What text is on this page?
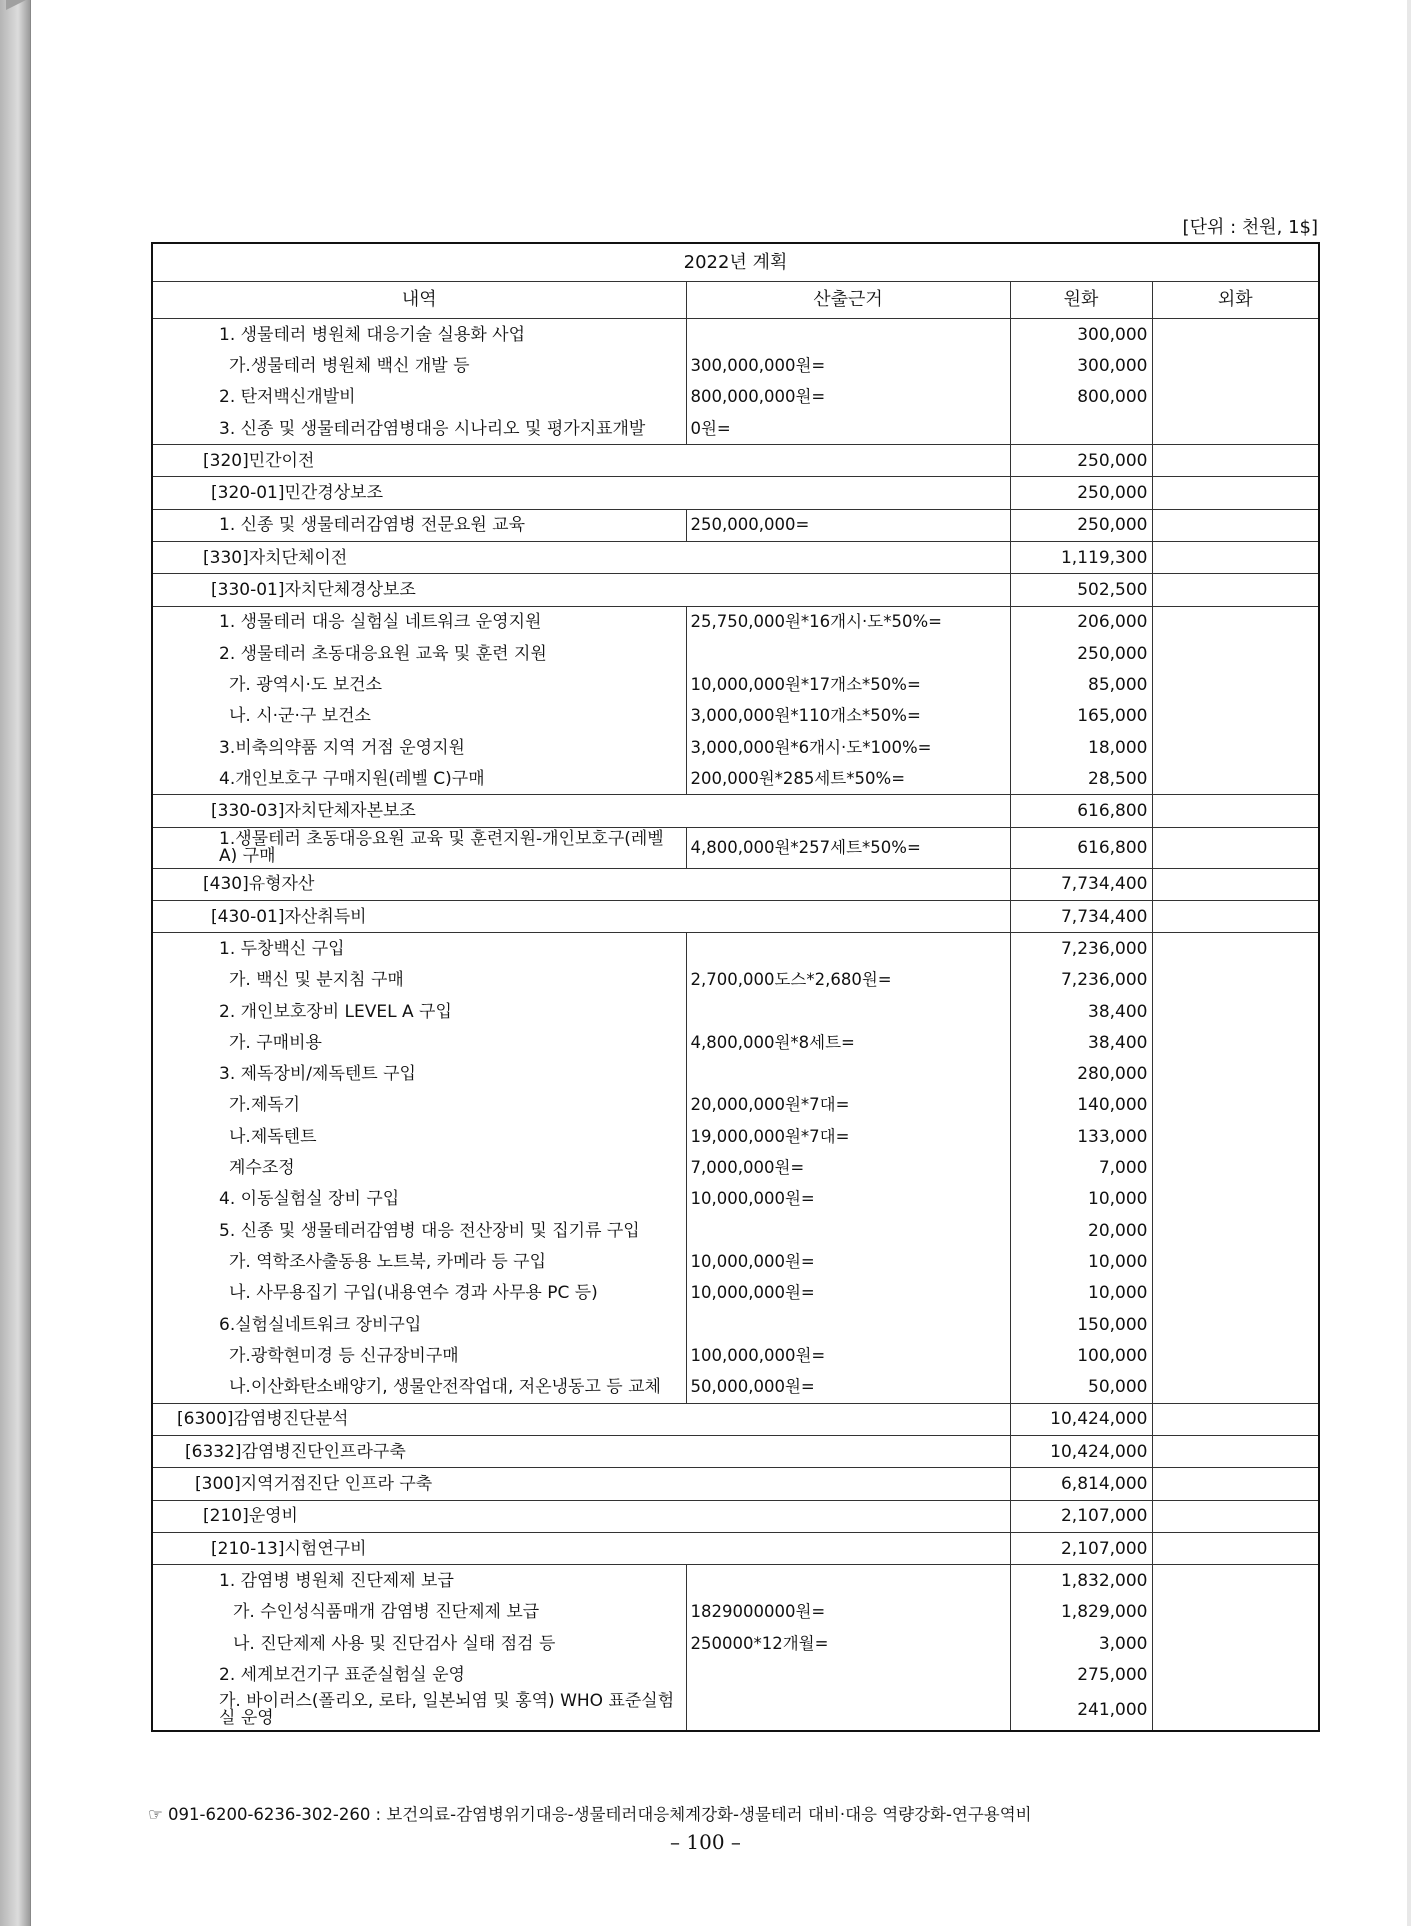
[단위 : 천원, 1$]
2022년 계획			
내역	산출근거	원화	외화
1. 생물테러 병원체 대응기술 실용화 사업		300,000	
가.생물테러 병원체 백신 개발 등	300,000,000원=	300,000	
2. 탄저백신개발비	800,000,000원=	800,000	
3. 신종 및 생물테러감염병대응 시나리오 및 평가지표개발	0원=		
[320]민간이전		250,000	
[320-01]민간경상보조		250,000	
1. 신종 및 생물테러감염병 전문요원 교육	250,000,000=	250,000	
[330]자치단체이전		1,119,300	
[330-01]자치단체경상보조		502,500	
1. 생물테러 대응 실험실 네트워크 운영지원	25,750,000원*16개시·도*50%=	206,000	
2. 생물테러 초동대응요원 교육 및 훈련 지원		250,000	
가. 광역시·도 보건소	10,000,000원*17개소*50%=	85,000	
나. 시·군·구 보건소	3,000,000원*110개소*50%=	165,000	
3.비축의약품 지역 거점 운영지원	3,000,000원*6개시·도*100%=	18,000	
4.개인보호구 구매지원(레벨 C)구매	200,000원*285세트*50%=	28,500	
[330-03]자치단체자본보조		616,800	
1.생물테러 초동대응요원 교육 및 훈련지원-개인보호구(레벨 A) 구매	4,800,000원*257세트*50%=	616,800	
[430]유형자산		7,734,400	
[430-01]자산취득비		7,734,400	
1. 두창백신 구입		7,236,000	
가. 백신 및 분지침 구매	2,700,000도스*2,680원=	7,236,000	
2. 개인보호장비 LEVEL A 구입		38,400	
가. 구매비용	4,800,000원*8세트=	38,400	
3. 제독장비/제독텐트 구입		280,000	
가.제독기	20,000,000원*7대=	140,000	
나.제독텐트	19,000,000원*7대=	133,000	
계수조정	7,000,000원=	7,000	
4. 이동실험실 장비 구입	10,000,000원=	10,000	
5. 신종 및 생물테러감염병 대응 전산장비 및 집기류 구입		20,000	
가. 역학조사출동용 노트북, 카메라 등 구입	10,000,000원=	10,000	
나. 사무용집기 구입(내용연수 경과 사무용 PC 등)	10,000,000원=	10,000	
6.실험실네트워크 장비구입		150,000	
가.광학현미경 등 신규장비구매	100,000,000원=	100,000	
나.이산화탄소배양기, 생물안전작업대, 저온냉동고 등 교체	50,000,000원=	50,000	
[6300]감염병진단분석		10,424,000	
[6332]감염병진단인프라구축		10,424,000	
[300]지역거점진단 인프라 구축		6,814,000	
[210]운영비		2,107,000	
[210-13]시험연구비		2,107,000	
1. 감염병 병원체 진단제제 보급		1,832,000	
가. 수인성식품매개 감염병 진단제제 보급	1829000000원=	1,829,000	
나. 진단제제 사용 및 진단검사 실태 점검 등	250000*12개월=	3,000	
2. 세계보건기구 표준실험실 운영		275,000	
가. 바이러스(폴리오, 로타, 일본뇌염 및 홍역) WHO 표준실험실 운영		241,000	
☞ 091-6200-6236-302-260 : 보건의료-감염병위기대응-생물테러대응체계강화-생물테러 대비·대응 역량강화-연구용역비
– 100 –
